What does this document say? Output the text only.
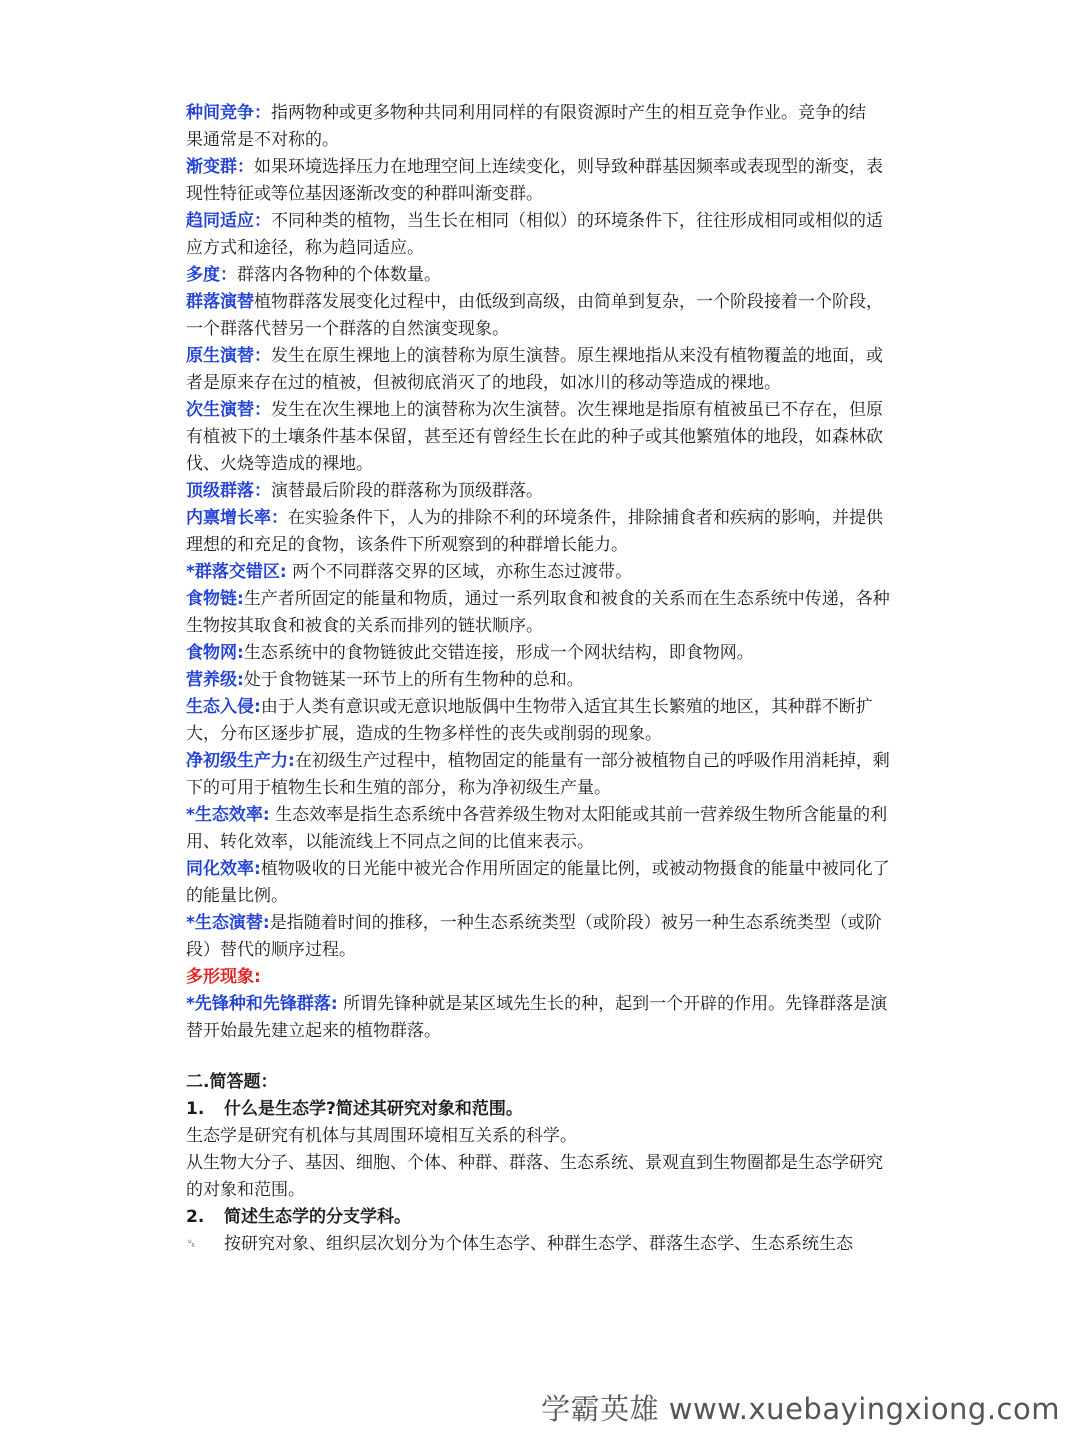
种间竞争：指两物种或更多物种共同利用同样的有限资源时产生的相互竞争作业。竞争的结

果通常是不对称的。

渐变群：如果环境选择压力在地理空间上连续变化，则导致种群基因频率或表现型的渐变，表现性特征或等位基因逐渐改变的种群叫渐变群。

趋同适应：不同种类的植物，当生长在相同（相似）的环境条件下，往往形成相同或相似的适应方式和途径，称为趋同适应。

多度：群落内各物种的个体数量。

群落演替植物群落发展变化过程中，由低级到高级，由简单到复杂，一个阶段接着一个阶段，一个群落代替另一个群落的自然演变现象。

原生演替：发生在原生裸地上的演替称为原生演替。原生裸地指从来没有植物覆盖的地面，或者是原来存在过的植被，但被彻底消灭了的地段，如冰川的移动等造成的裸地。

次生演替：发生在次生裸地上的演替称为次生演替。次生裸地是指原有植被虽已不存在，但原有植被下的土壤条件基本保留，甚至还有曾经生长在此的种子或其他繁殖体的地段，如森林砍伐、火烧等造成的裸地。

顶级群落：演替最后阶段的群落称为顶级群落。

内禀增长率：在实验条件下，人为的排除不利的环境条件，排除捕食者和疾病的影响，并提供理想的和充足的食物，该条件下所观察到的种群增长能力。

*群落交错区: 两个不同群落交界的区域，亦称生态过渡带。

食物链:生产者所固定的能量和物质，通过一系列取食和被食的关系而在生态系统中传递，各种生物按其取食和被食的关系而排列的链状顺序。

食物网:生态系统中的食物链彼此交错连接，形成一个网状结构，即食物网。

营养级:处于食物链某一环节上的所有生物种的总和。

生态入侵:由于人类有意识或无意识地版偶中生物带入适宜其生长繁殖的地区，其种群不断扩大，分布区逐步扩展，造成的生物多样性的丧失或削弱的现象。

净初级生产力:在初级生产过程中，植物固定的能量有一部分被植物自己的呼吸作用消耗掉，剩下的可用于植物生长和生殖的部分，称为净初级生产量。

*生态效率: 生态效率是指生态系统中各营养级生物对太阳能或其前一营养级生物所含能量的利用、转化效率，以能流线上不同点之间的比值来表示。

同化效率:植物吸收的日光能中被光合作用所固定的能量比例，或被动物摄食的能量中被同化了的能量比例。

*生态演替:是指随着时间的推移，一种生态系统类型（或阶段）被另一种生态系统类型（或阶段）替代的顺序过程。

多形现象:

*先锋种和先锋群落: 所谓先锋种就是某区域先生长的种，起到一个开辟的作用。先锋群落是演替开始最先建立起来的植物群落。

二.简答题：
1.	什么是生态学?简述其研究对象和范围。

生态学是研究有机体与其周围环境相互关系的科学。

从生物大分子、基因、细胞、个体、种群、群落、生态系统、景观直到生物圈都是生态学研究的对象和范围。

2.	简述生态学的分支学科。
␟	按研究对象、组织层次划分为个体生态学、种群生态学、群落生态学、生态系统生态
学霸英雄 www.xuebayingxiong.com
